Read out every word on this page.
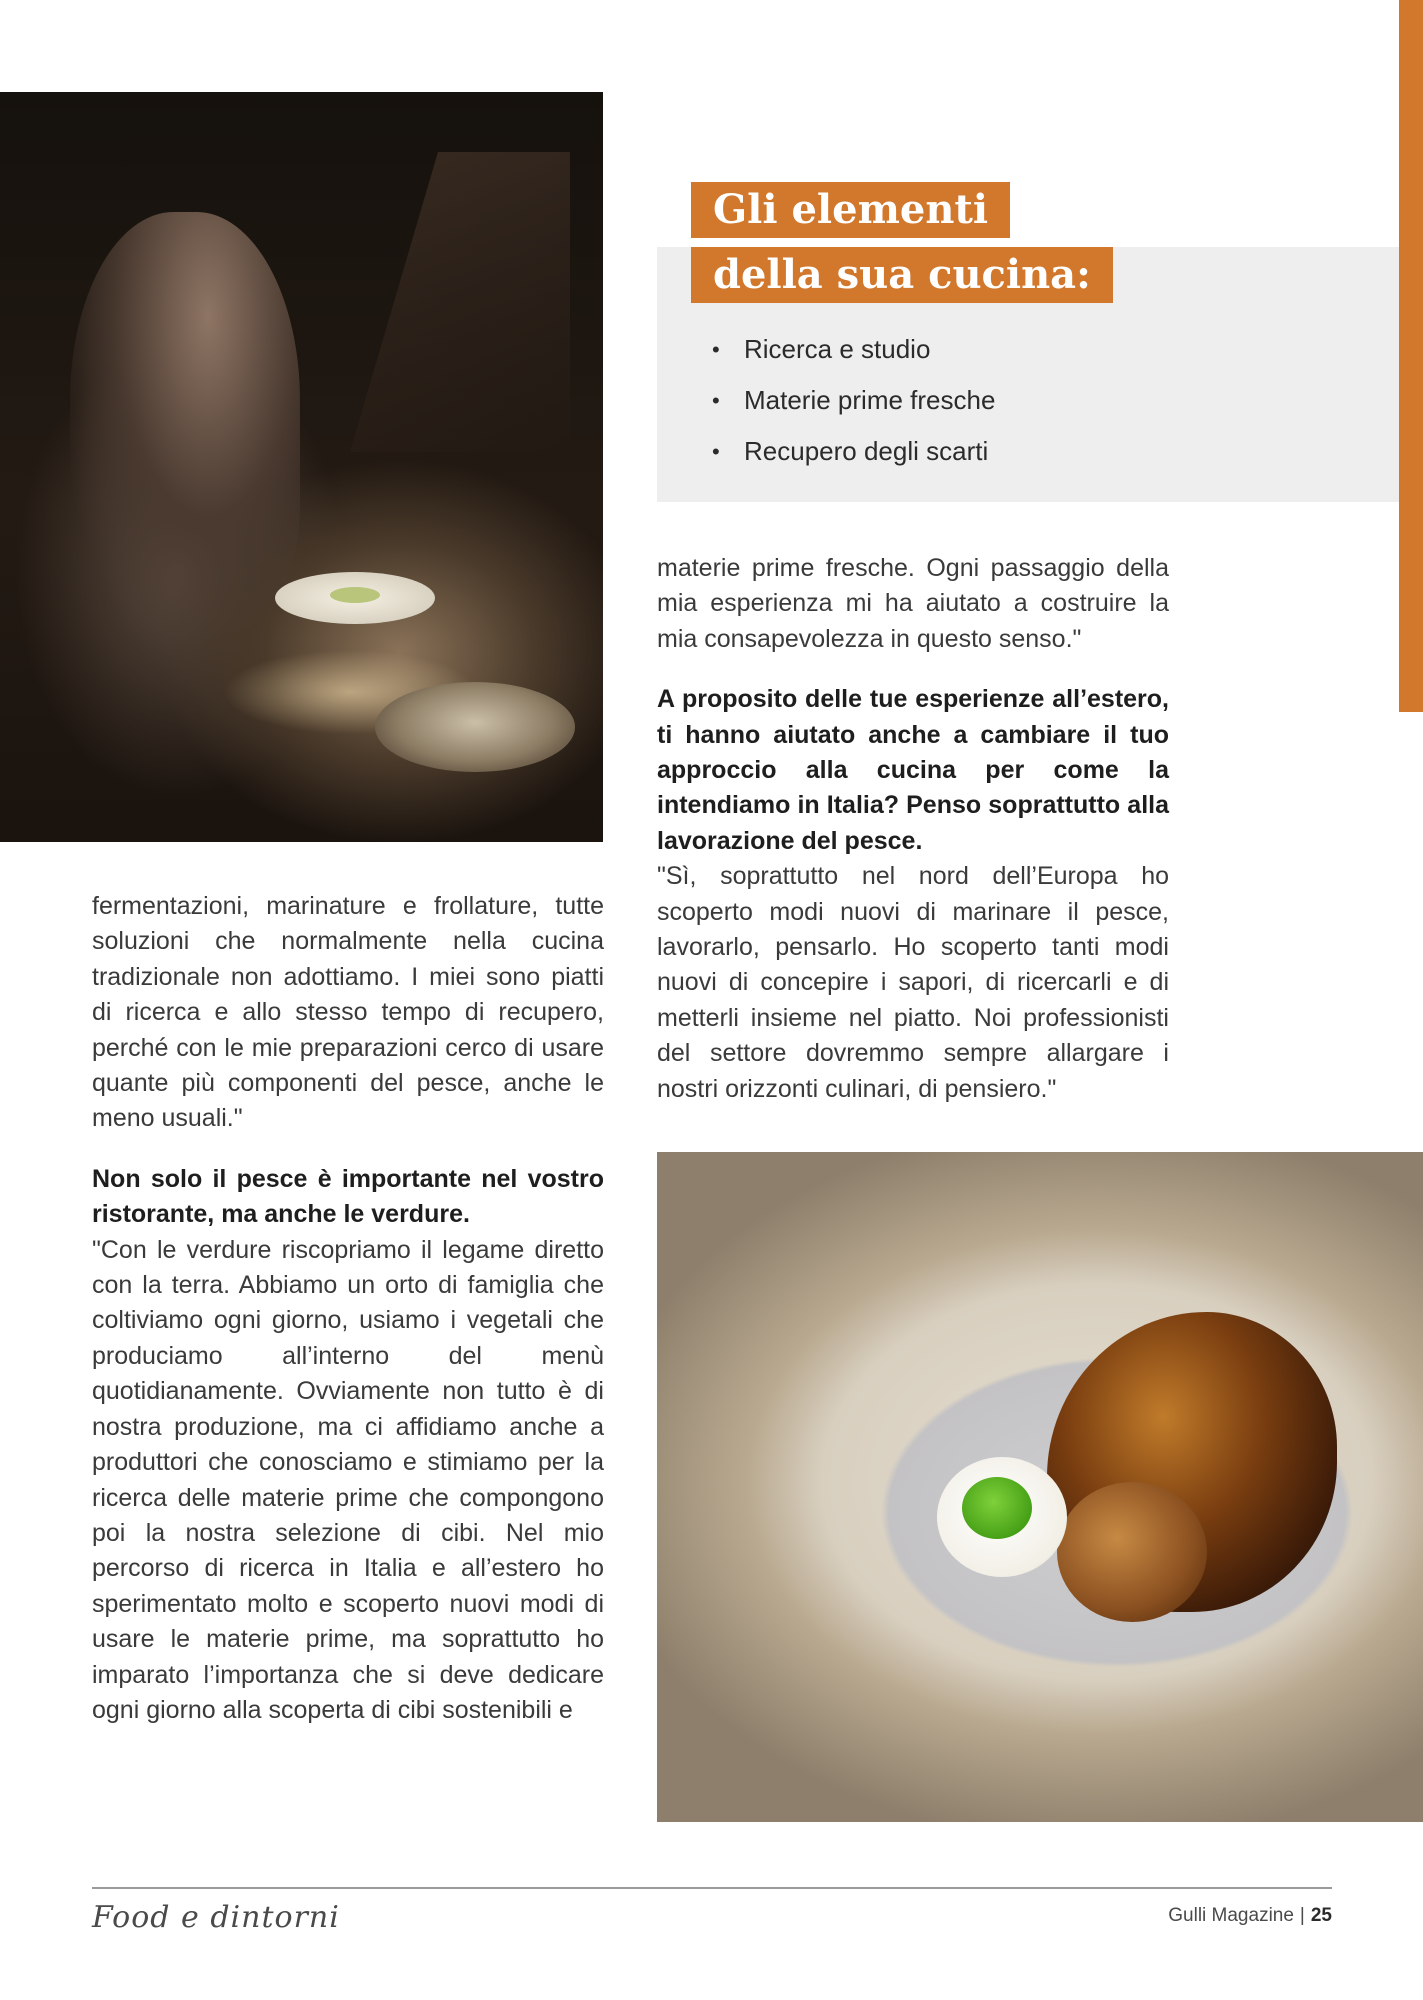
Gli elementi
della sua cucina:
• Ricerca e studio
• Materie prime fresche
• Recupero degli scarti

materie prime fresche. Ogni passaggio della mia esperienza mi ha aiutato a costruire la mia consapevolezza in questo senso."

A proposito delle tue esperienze all’estero, ti hanno aiutato anche a cambiare il tuo approccio alla cucina per come la intendiamo in Italia? Penso soprattutto alla lavorazione del pesce.

"Sì, soprattutto nel nord dell’Europa ho scoperto modi nuovi di marinare il pesce, lavorarlo, pensarlo. Ho scoperto tanti modi nuovi di concepire i sapori, di ricercarli e di metterli insieme nel piatto. Noi professionisti del settore dovremmo sempre allargare i nostri orizzonti culinari, di pensiero."

fermentazioni, marinature e frollature, tutte soluzioni che normalmente nella cucina tradizionale non adottiamo. I miei sono piatti di ricerca e allo stesso tempo di recupero, perché con le mie preparazioni cerco di usare quante più componenti del pesce, anche le meno usuali."

Non solo il pesce è importante nel vostro ristorante, ma anche le verdure.

"Con le verdure riscopriamo il legame diretto con la terra. Abbiamo un orto di famiglia che coltiviamo ogni giorno, usiamo i vegetali che produciamo all’interno del menù quotidianamente. Ovviamente non tutto è di nostra produzione, ma ci affidiamo anche a produttori che conosciamo e stimiamo per la ricerca delle materie prime che compongono poi la nostra selezione di cibi. Nel mio percorso di ricerca in Italia e all’estero ho sperimentato molto e scoperto nuovi modi di usare le materie prime, ma soprattutto ho imparato l’importanza che si deve dedicare ogni giorno alla scoperta di cibi sostenibili e

Food e dintorni	Gulli Magazine | 25
